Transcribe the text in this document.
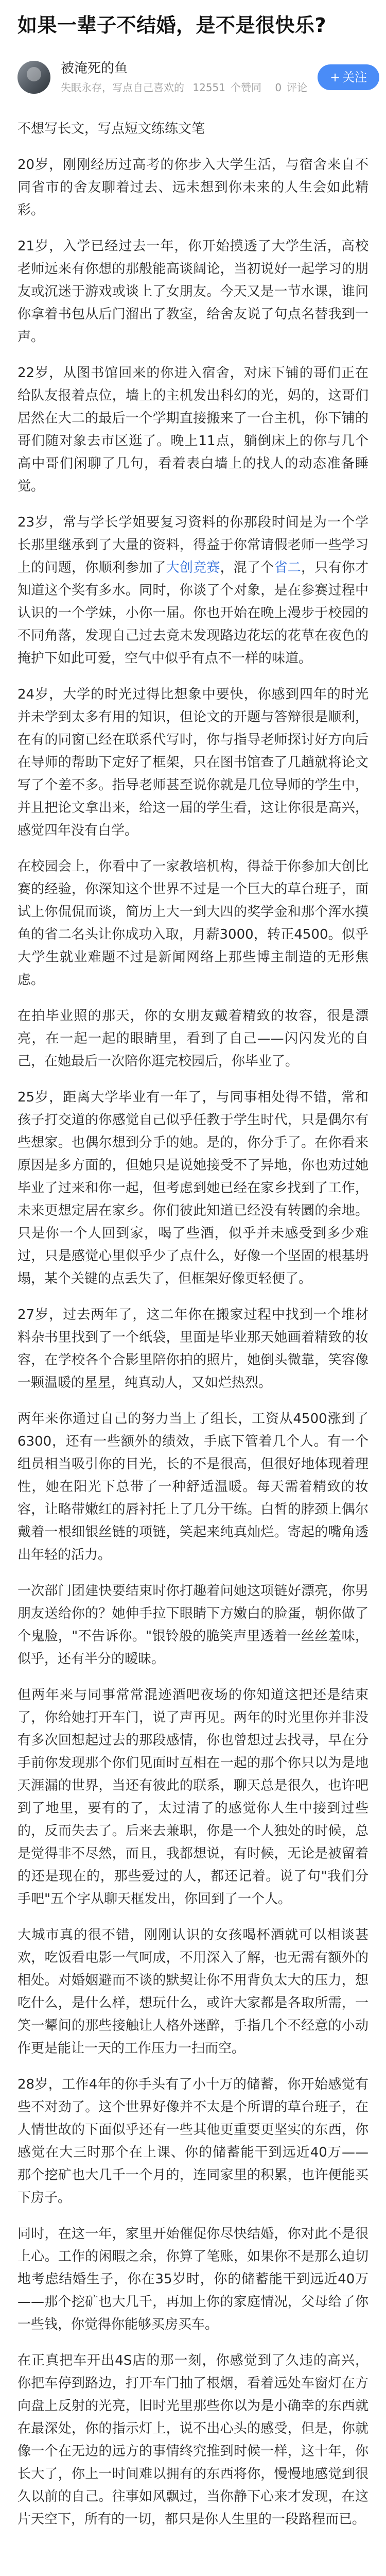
如果一辈子不结婚，是不是很快乐?
被淹死的鱼
失眠永存，写点自己喜欢的 12551 个赞同 0 评论
+ 关注

不想写长文，写点短文练练文笔

20岁，刚刚经历过高考的你步入大学生活，与宿舍来自不同省市的舍友聊着过去、远未想到你未来的人生会如此精彩。

21岁，入学已经过去一年，你开始摸透了大学生活，高校老师远来有你想的那般能高谈阔论，当初说好一起学习的朋友或沉迷于游戏或谈上了女朋友。今天又是一节水课，谁问你拿着书包从后门溜出了教室，给舍友说了句点名替我到一声。

22岁，从图书馆回来的你进入宿舍，对床下铺的哥们正在给队友报着点位，墙上的主机发出科幻的光，妈的，这哥们居然在大二的最后一个学期直接搬来了一台主机，你下铺的哥们随对象去市区逛了。晚上11点，躺倒床上的你与几个高中哥们闲聊了几句，看着表白墙上的找人的动态准备睡觉。

23岁，常与学长学姐要复习资料的你那段时间是为一个学长那里继承到了大量的资料，得益于你常请假老师一些学习上的问题，你顺利参加了大创竞赛，混了个省二，只有你才知道这个奖有多水。同时，你谈了个对象，是在参赛过程中认识的一个学妹，小你一届。你也开始在晚上漫步于校园的不同角落，发现自己过去竟未发现路边花坛的花草在夜色的掩护下如此可爱，空气中似乎有点不一样的味道。

24岁，大学的时光过得比想象中要快，你感到四年的时光并未学到太多有用的知识，但论文的开题与答辩很是顺利，在有的同窗已经在联系代写时，你与指导老师探讨好方向后在导师的帮助下定好了框架，只在图书馆查了几趟就将论文写了个差不多。指导老师甚至说你就是几位导师的学生中，并且把论文拿出来，给这一届的学生看，这让你很是高兴，感觉四年没有白学。

在校园会上，你看中了一家教培机构，得益于你参加大创比赛的经验，你深知这个世界不过是一个巨大的草台班子，面试上你侃侃而谈，简历上大一到大四的奖学金和那个浑水摸鱼的省二名头让你成功入取，月薪3000，转正4500。似乎大学生就业难题不过是新闻网络上那些博主制造的无形焦虑。

在拍毕业照的那天，你的女朋友戴着精致的妆容，很是漂亮，在一起一起的眼睛里，看到了自己——闪闪发光的自己，在她最后一次陪你逛完校园后，你毕业了。

25岁，距离大学毕业有一年了，与同事相处得不错，常和孩子打交道的你感觉自己似乎任教于学生时代，只是偶尔有些想家。也偶尔想到分手的她。是的，你分手了。在你看来原因是多方面的，但她只是说她接受不了异地，你也劝过她毕业了过来和你一起，但考虑到她已经在家乡找到了工作，未来更想定居在家乡。你们彼此知道已经没有转圜的余地。只是你一个人回到家，喝了些酒，似乎并未感受到多少难过，只是感觉心里似乎少了点什么，好像一个坚固的根基坍塌，某个关键的点丢失了，但框架好像更轻便了。

27岁，过去两年了，这二年你在搬家过程中找到一个堆材料杂书里找到了一个纸袋，里面是毕业那天她画着精致的妆容，在学校各个合影里陪你拍的照片，她倒头微靠，笑容像一颗温暖的星星，纯真动人，又如烂热烈。

两年来你通过自己的努力当上了组长，工资从4500涨到了6300，还有一些额外的绩效，手底下管着几个人。有一个组员相当吸引你的目光，长的不是很高，但很好地体现着理性，她在阳光下总带了一种舒适温暖。每天需着精致的妆容，让略带嫩红的唇衬托上了几分干练。白皙的脖颈上偶尔戴着一根细银丝链的项链，笑起来纯真灿烂。寄起的嘴角透出年轻的活力。

一次部门团建快要结束时你打趣着问她这项链好漂亮，你男朋友送给你的？她伸手拉下眼睛下方嫩白的脸蛋，朝你做了个鬼脸，"不告诉你。"银铃般的脆笑声里透着一丝丝羞味，似乎，还有半分的暧昧。

但两年来与同事常常混迹酒吧夜场的你知道这把还是结束了，你给她打开车门，说了声再见。两年的时光里你并非没有多次回想起过去的那段感情，你也曾想过去找寻，早在分手前你发现那个你们见面时互相在一起的那个你只以为是地天涯漏的世界，当还有彼此的联系，聊天总是很久，也许吧到了地里，要有的了，太过清了的感觉你人生中接到过些的，反而失去了。后来去兼职，你是一个人独处的时候，总是觉得非不尽然，而且，我都想说，有时候，无论是被留着的还是现在的，那些爱过的人，都还记着。说了句"我们分手吧"五个字从聊天框发出，你回到了一个人。

大城市真的很不错，刚刚认识的女孩喝杯酒就可以相谈甚欢，吃饭看电影一气呵成，不用深入了解，也无需有额外的相处。对婚姻避而不谈的默契让你不用背负太大的压力，想吃什么，是什么样，想玩什么，或许大家都是各取所需，一笑一颦间的那些接触让人格外迷醉，手指几个不经意的小动作更是能让一天的工作压力一扫而空。

28岁，工作4年的你手头有了小十万的储蓄，你开始感觉有些不对劲了。这个世界好像并不太是个所谓的草台班子，在人情世故的下面似乎还有一些其他更重要更坚实的东西，你感觉在大三时那个在上课、你的储蓄能干到远近40万——那个挖矿也大几千一个月的，连同家里的积累，也许便能买下房子。

同时，在这一年，家里开始催促你尽快结婚，你对此不是很上心。工作的闲暇之余，你算了笔账，如果你不是那么迫切地考虑结婚生子，你在35岁时，你的储蓄能干到远近40万——那个挖矿也大几千，再加上你的家庭情况，父母给了你一些钱，你觉得你能够买房买车。

在正真把车开出4S店的那一刻，你感觉到了久违的高兴，你把车停到路边，打开车门抽了根烟，看着远处车窗灯在方向盘上反射的光亮，旧时光里那些你以为是小确幸的东西就在最深处，你的指示灯上，说不出心头的感受，但是，你就像一个在无边的远方的事情终究推到时候一样，这十年，你长大了，你上一时间难以拥有的东西将你，慢慢地感觉到很久以前的自己。往事如风飘过，当你静下心来才发现，在这片天空下，所有的一切，都只是你人生里的一段路程而已。
